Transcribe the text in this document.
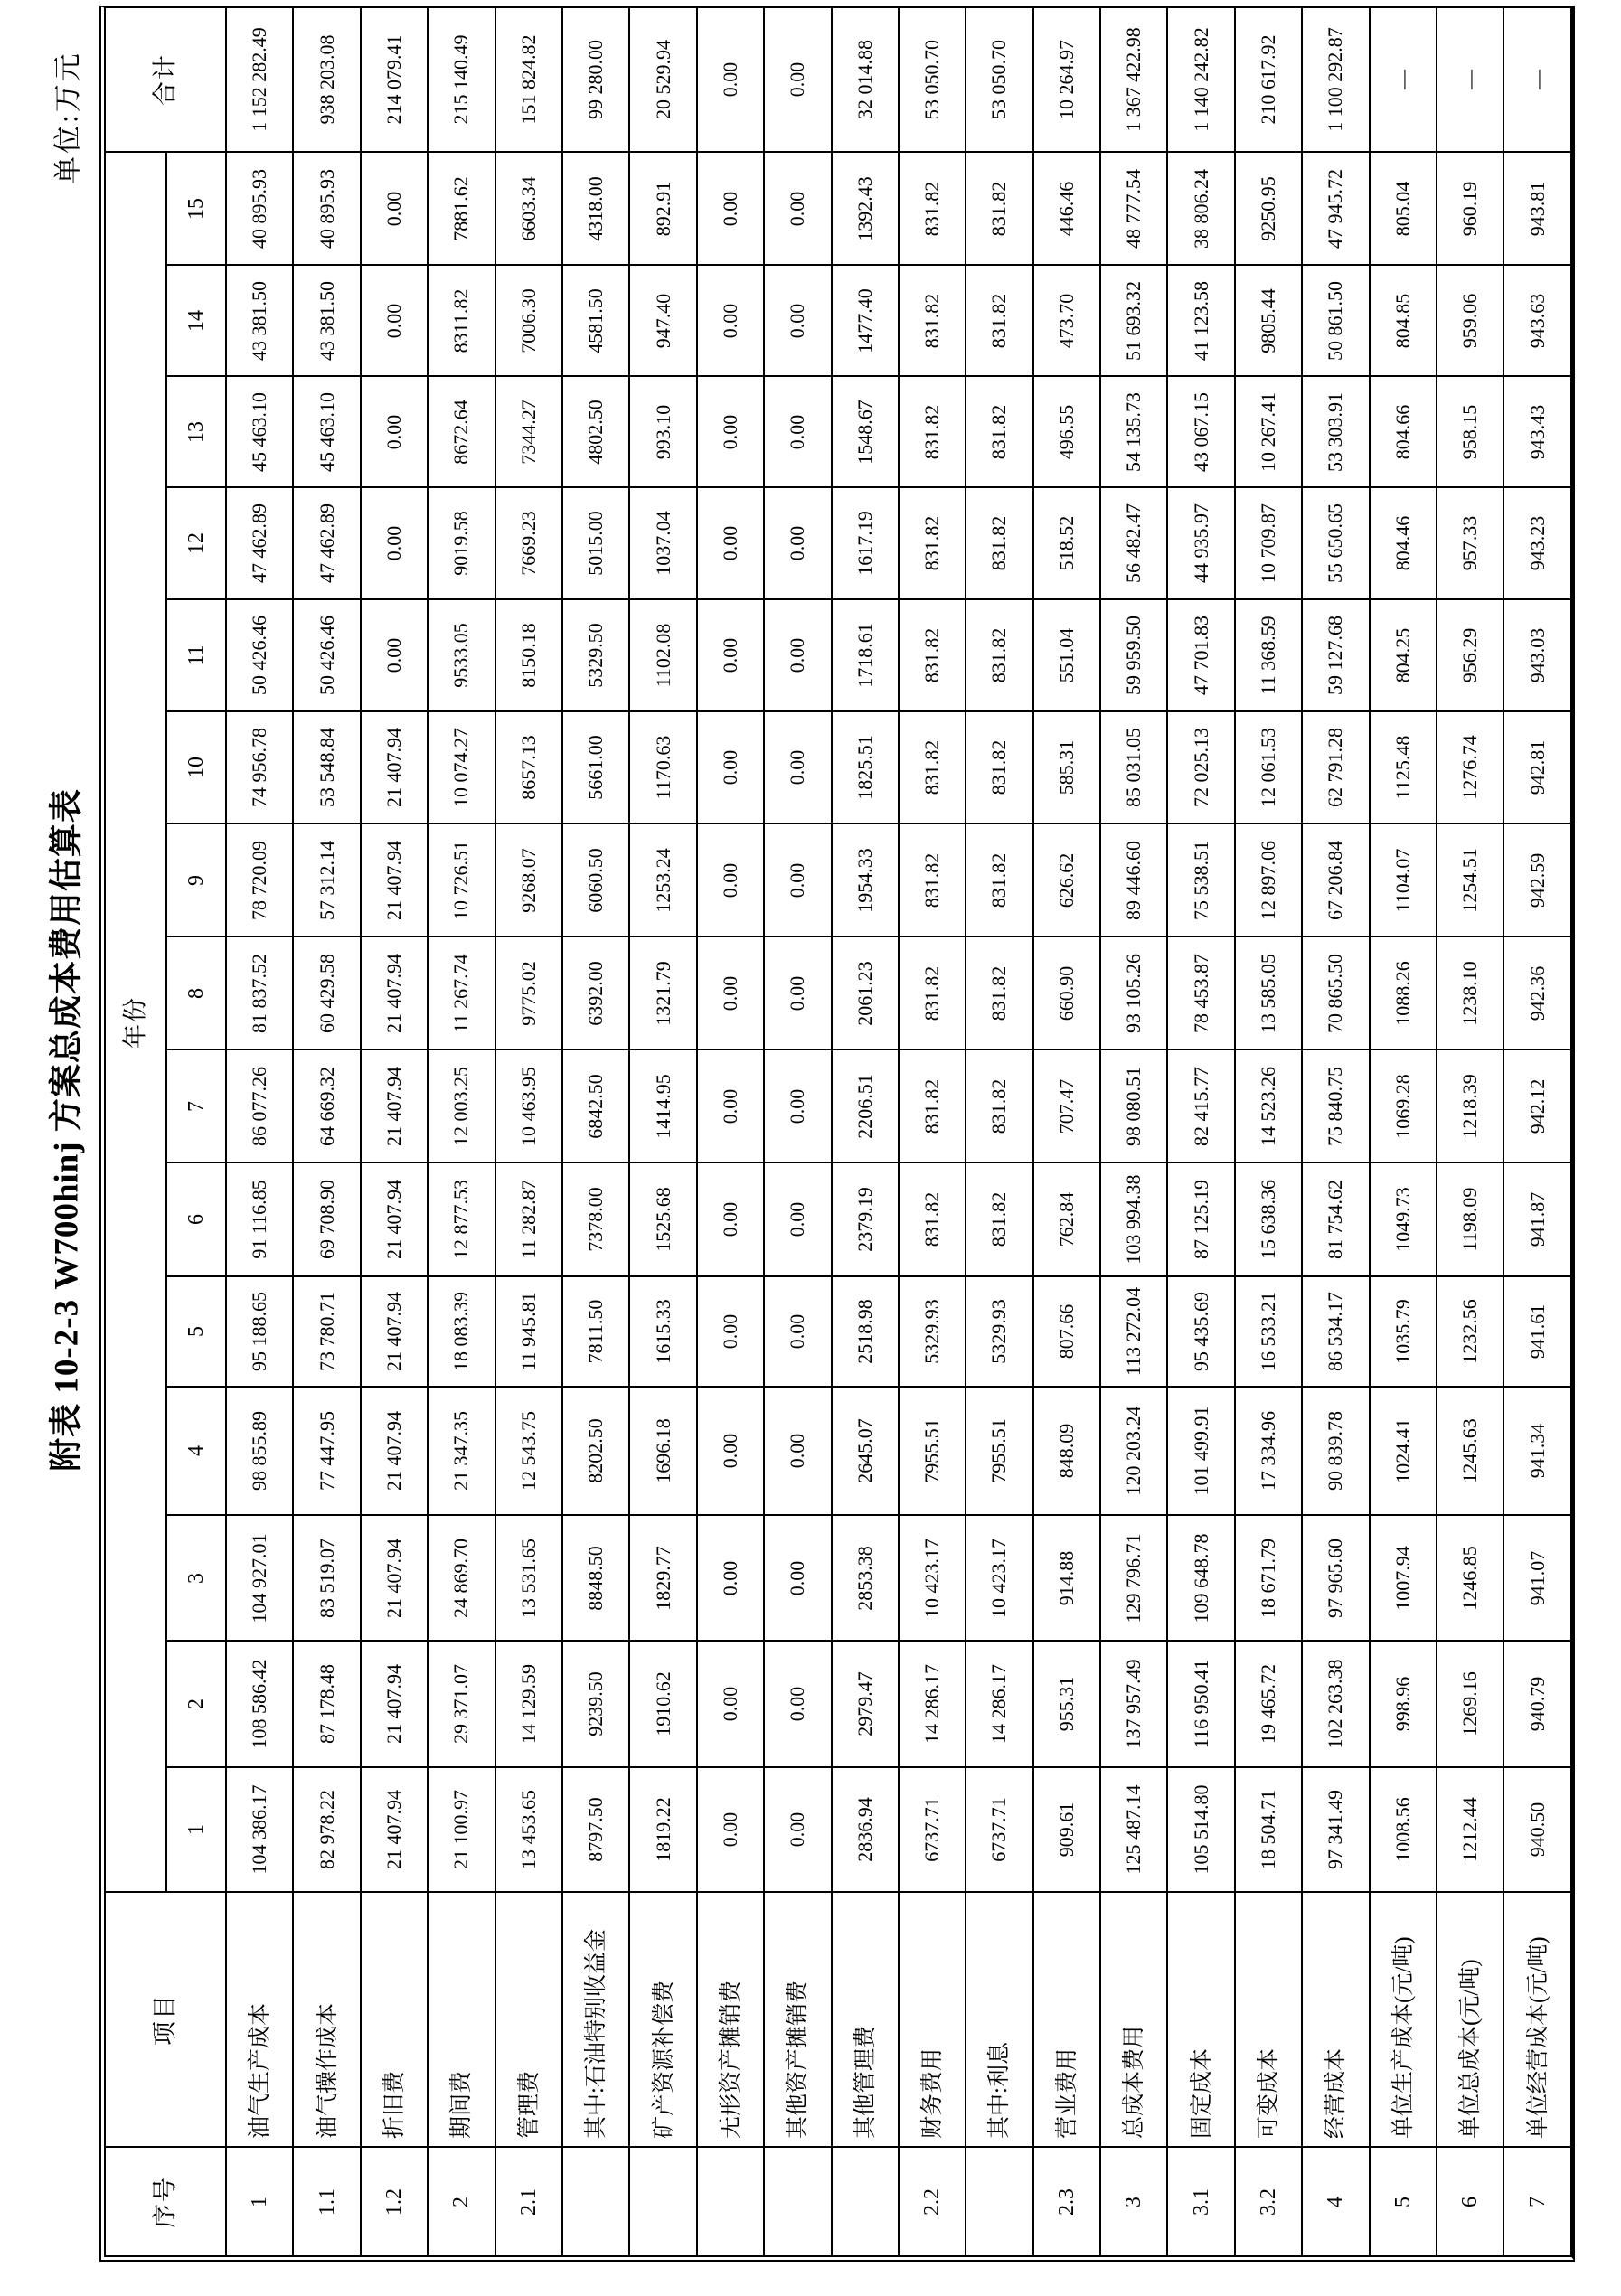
单位:万元
附表 10-2-3 W700hinj 方案总成本费用估算表
合计
年份
15
14
13
12
11
10
9
8
7
6
5
4
3
2
1
项目
序号
1 152 282.49
40 895.93
43 381.50
45 463.10
47 462.89
50 426.46
74 956.78
78 720.09
81 837.52
86 077.26
91 116.85
95 188.65
98 855.89
104 927.01
108 586.42
104 386.17
油气生产成本
1
938 203.08
40 895.93
43 381.50
45 463.10
47 462.89
50 426.46
53 548.84
57 312.14
60 429.58
64 669.32
69 708.90
73 780.71
77 447.95
83 519.07
87 178.48
82 978.22
油气操作成本
1.1
214 079.41
0.00
0.00
0.00
0.00
0.00
21 407.94
21 407.94
21 407.94
21 407.94
21 407.94
21 407.94
21 407.94
21 407.94
21 407.94
21 407.94
折旧费
1.2
215 140.49
7881.62
8311.82
8672.64
9019.58
9533.05
10 074.27
10 726.51
11 267.74
12 003.25
12 877.53
18 083.39
21 347.35
24 869.70
29 371.07
21 100.97
期间费
2
151 824.82
6603.34
7006.30
7344.27
7669.23
8150.18
8657.13
9268.07
9775.02
10 463.95
11 282.87
11 945.81
12 543.75
13 531.65
14 129.59
13 453.65
管理费
2.1
99 280.00
4318.00
4581.50
4802.50
5015.00
5329.50
5661.00
6060.50
6392.00
6842.50
7378.00
7811.50
8202.50
8848.50
9239.50
8797.50
其中:石油特别收益金
20 529.94
892.91
947.40
993.10
1037.04
1102.08
1170.63
1253.24
1321.79
1414.95
1525.68
1615.33
1696.18
1829.77
1910.62
1819.22
矿产资源补偿费
0.00
0.00
0.00
0.00
0.00
0.00
0.00
0.00
0.00
0.00
0.00
0.00
0.00
0.00
0.00
0.00
无形资产摊销费
0.00
0.00
0.00
0.00
0.00
0.00
0.00
0.00
0.00
0.00
0.00
0.00
0.00
0.00
0.00
0.00
其他资产摊销费
32 014.88
1392.43
1477.40
1548.67
1617.19
1718.61
1825.51
1954.33
2061.23
2206.51
2379.19
2518.98
2645.07
2853.38
2979.47
2836.94
其他管理费
53 050.70
831.82
831.82
831.82
831.82
831.82
831.82
831.82
831.82
831.82
831.82
5329.93
7955.51
10 423.17
14 286.17
6737.71
财务费用
2.2
53 050.70
831.82
831.82
831.82
831.82
831.82
831.82
831.82
831.82
831.82
831.82
5329.93
7955.51
10 423.17
14 286.17
6737.71
其中:利息
10 264.97
446.46
473.70
496.55
518.52
551.04
585.31
626.62
660.90
707.47
762.84
807.66
848.09
914.88
955.31
909.61
营业费用
2.3
1 367 422.98
48 777.54
51 693.32
54 135.73
56 482.47
59 959.50
85 031.05
89 446.60
93 105.26
98 080.51
103 994.38
113 272.04
120 203.24
129 796.71
137 957.49
125 487.14
总成本费用
3
1 140 242.82
38 806.24
41 123.58
43 067.15
44 935.97
47 701.83
72 025.13
75 538.51
78 453.87
82 415.77
87 125.19
95 435.69
101 499.91
109 648.78
116 950.41
105 514.80
固定成本
3.1
210 617.92
9250.95
9805.44
10 267.41
10 709.87
11 368.59
12 061.53
12 897.06
13 585.05
14 523.26
15 638.36
16 533.21
17 334.96
18 671.79
19 465.72
18 504.71
可变成本
3.2
1 100 292.87
47 945.72
50 861.50
53 303.91
55 650.65
59 127.68
62 791.28
67 206.84
70 865.50
75 840.75
81 754.62
86 534.17
90 839.78
97 965.60
102 263.38
97 341.49
经营成本
4
—
805.04
804.85
804.66
804.46
804.25
1125.48
1104.07
1088.26
1069.28
1049.73
1035.79
1024.41
1007.94
998.96
1008.56
单位生产成本(元/吨)
5
—
960.19
959.06
958.15
957.33
956.29
1276.74
1254.51
1238.10
1218.39
1198.09
1232.56
1245.63
1246.85
1269.16
1212.44
单位总成本(元/吨)
6
—
943.81
943.63
943.43
943.23
943.03
942.81
942.59
942.36
942.12
941.87
941.61
941.34
941.07
940.79
940.50
单位经营成本(元/吨)
7
